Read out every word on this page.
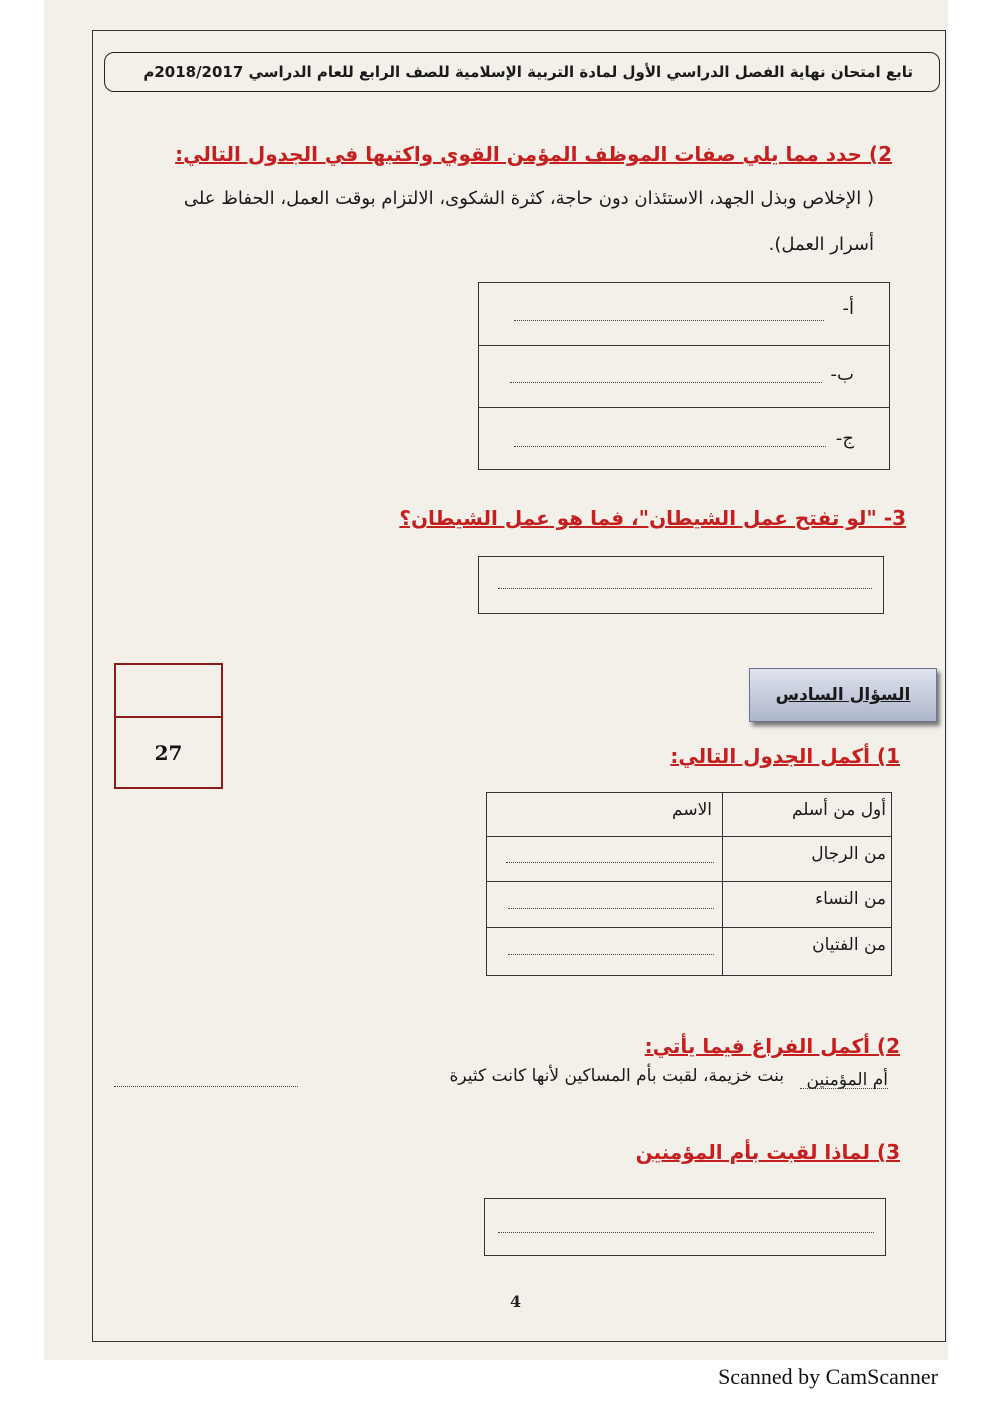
تابع امتحان نهاية الفصل الدراسي الأول لمادة التربية الإسلامية للصف الرابع للعام الدراسي 2018/2017م
2) حدد مما يلي صفات الموظف المؤمن القوي واكتبها في الجدول التالي:
( الإخلاص وبذل الجهد، الاستئذان دون حاجة، كثرة الشكوى، الالتزام بوقت العمل، الحفاظ على
أسرار العمل).
أ-
ب-
ج-
3- "لو تفتح عمل الشيطان"، فما هو عمل الشيطان؟
27
السؤال السادس
1) أكمل الجدول التالي:
أول من أسلم
الاسم
من الرجال
من النساء
من الفتيان
2) أكمل الفراغ فيما يأتي:
أم المؤمنين
بنت خزيمة، لقبت بأم المساكين لأنها كانت كثيرة
3) لماذا لقبت بأم المؤمنين
4
Scanned by CamScanner
